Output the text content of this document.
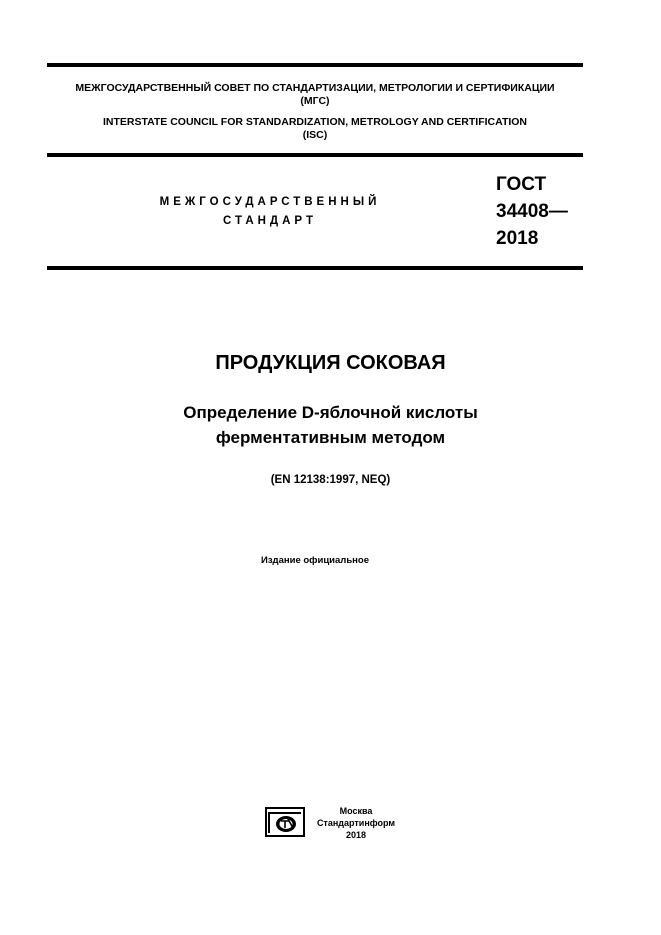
МЕЖГОСУДАРСТВЕННЫЙ СОВЕТ ПО СТАНДАРТИЗАЦИИ, МЕТРОЛОГИИ И СЕРТИФИКАЦИИ
(МГС)
INTERSTATE COUNCIL FOR STANDARDIZATION, METROLOGY AND CERTIFICATION
(ISC)
МЕЖГОСУДАРСТВЕННЫЙ
СТАНДАРТ
ГОСТ
34408—
2018
ПРОДУКЦИЯ СОКОВАЯ
Определение D-яблочной кислоты
ферментативным методом
(EN 12138:1997, NEQ)
Издание официальное
Москва
Стандартинформ
2018
